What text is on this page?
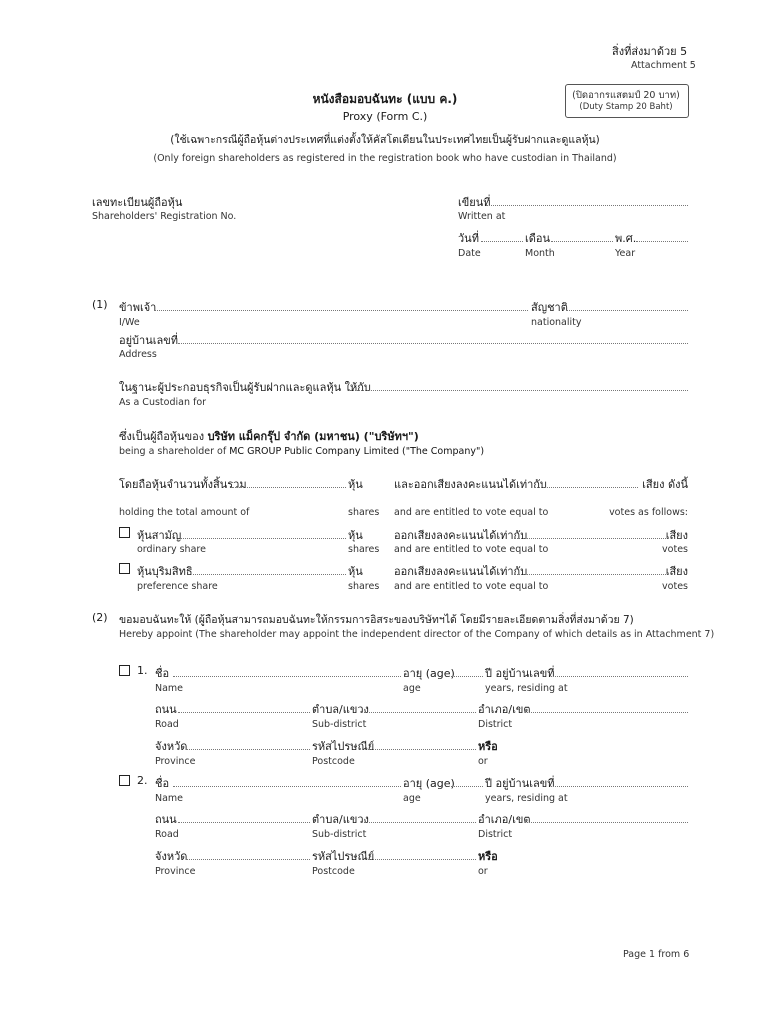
สิ่งที่ส่งมาด้วย 5
Attachment 5
(ปิดอากรแสตมป์ 20 บาท)
(Duty Stamp 20 Baht)
หนังสือมอบฉันทะ (แบบ ค.)
Proxy (Form C.)
(ใช้เฉพาะกรณีผู้ถือหุ้นต่างประเทศที่แต่งตั้งให้คัสโตเดียนในประเทศไทยเป็นผู้รับฝากและดูแลหุ้น)
(Only foreign shareholders as registered in the registration book who have custodian in Thailand)
เลขทะเบียนผู้ถือหุ้น
Shareholders' Registration No.
เขียนที่
Written at
วันที่	เดือน	พ.ศ.
Date	Month	Year
(1) ข้าพเจ้า	สัญชาติ
I/We	nationality
อยู่บ้านเลขที่
Address
ในฐานะผู้ประกอบธุรกิจเป็นผู้รับฝากและดูแลหุ้น ให้กับ
As a Custodian for
ซึ่งเป็นผู้ถือหุ้นของ บริษัท แม็คกรุ๊ป จำกัด (มหาชน) ("บริษัทฯ")
being a shareholder of MC GROUP Public Company Limited ("The Company")
โดยถือหุ้นจำนวนทั้งสิ้นรวม	หุ้น	และออกเสียงลงคะแนนได้เท่ากับ	เสียง ดังนี้
holding the total amount of	shares and are entitled to vote equal to	votes as follows:
หุ้นสามัญ	หุ้น	ออกเสียงลงคะแนนได้เท่ากับ	เสียง
ordinary share	shares and are entitled to vote equal to	votes
หุ้นบุริมสิทธิ	หุ้น	ออกเสียงลงคะแนนได้เท่ากับ	เสียง
preference share	shares and are entitled to vote equal to	votes
(2) ขอมอบฉันทะให้ (ผู้ถือหุ้นสามารถมอบฉันทะให้กรรมการอิสระของบริษัทฯได้ โดยมีรายละเอียดตามสิ่งที่ส่งมาด้วย 7)
Hereby appoint (The shareholder may appoint the independent director of the Company of which details as in Attachment 7)
1. ชื่อ	อายุ (age)	ปี อยู่บ้านเลขที่
Name	age	years, residing at
ถนน	ตำบล/แขวง	อำเภอ/เขต
Road	Sub-district	District
จังหวัด	รหัสไปรษณีย์	หรือ
Province	Postcode	or
2. ชื่อ	อายุ (age)	ปี อยู่บ้านเลขที่
Name	age	years, residing at
ถนน	ตำบล/แขวง	อำเภอ/เขต
Road	Sub-district	District
จังหวัด	รหัสไปรษณีย์	หรือ
Province	Postcode	or
Page 1 from 6
